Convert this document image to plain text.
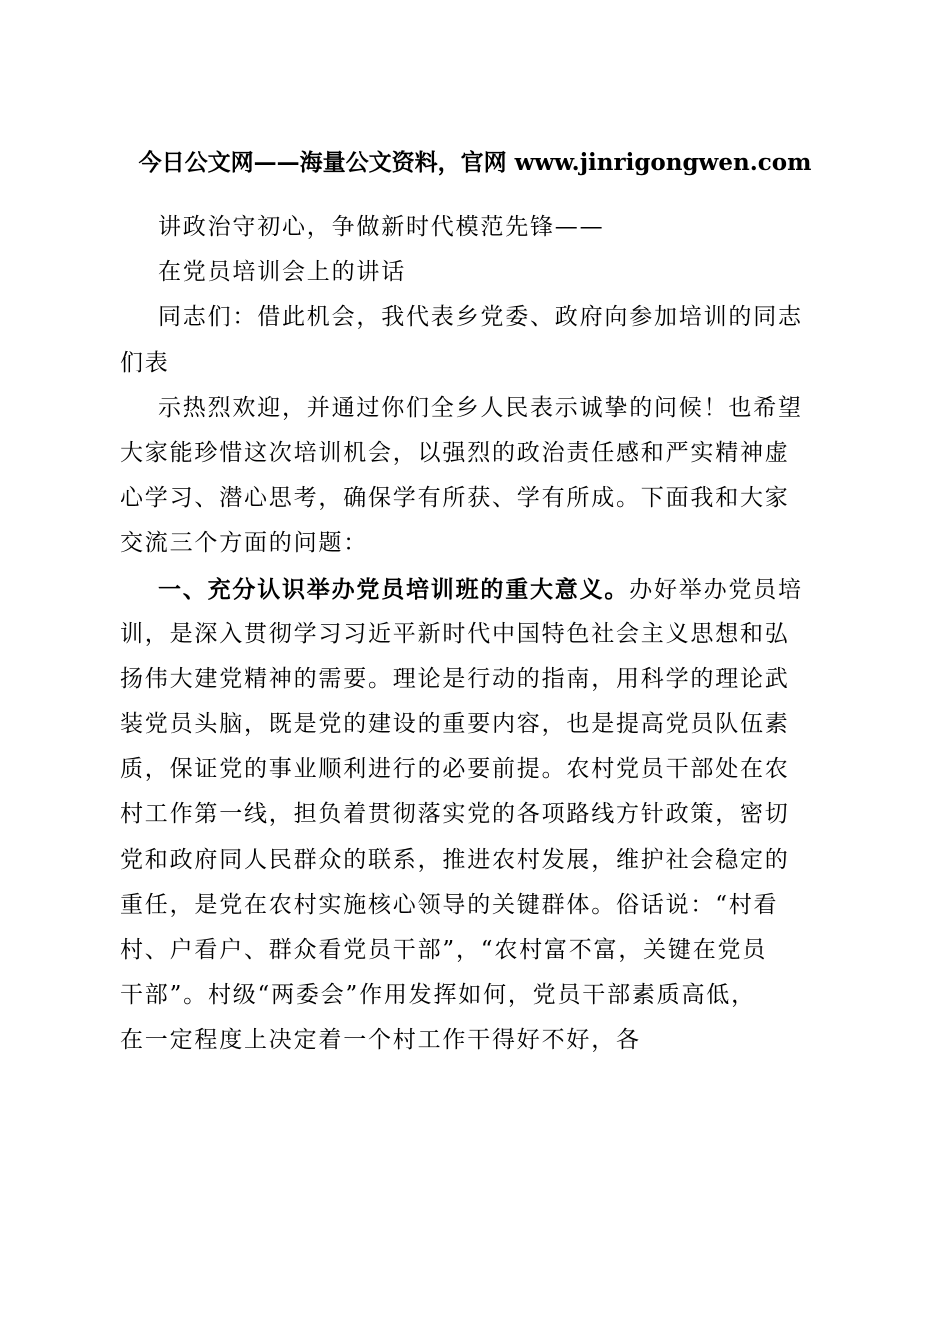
今日公文网——海量公文资料，官网 www.jinrigongwen.com
讲政治守初心，争做新时代模范先锋——
在党员培训会上的讲话
同志们：借此机会，我代表乡党委、政府向参加培训的同志
们表
示热烈欢迎，并通过你们全乡人民表示诚挚的问候！也希望
大家能珍惜这次培训机会，以强烈的政治责任感和严实精神虚
心学习、潜心思考，确保学有所获、学有所成。下面我和大家
交流三个方面的问题：
一、充分认识举办党员培训班的重大意义。办好举办党员培
训，是深入贯彻学习习近平新时代中国特色社会主义思想和弘
扬伟大建党精神的需要。理论是行动的指南，用科学的理论武
装党员头脑，既是党的建设的重要内容，也是提高党员队伍素
质，保证党的事业顺利进行的必要前提。农村党员干部处在农
村工作第一线，担负着贯彻落实党的各项路线方针政策，密切
党和政府同人民群众的联系，推进农村发展，维护社会稳定的
重任，是党在农村实施核心领导的关键群体。俗话说：“村看
村、户看户、群众看党员干部”，“农村富不富，关键在党员
干部”。村级“两委会”作用发挥如何，党员干部素质高低，
在一定程度上决定着一个村工作干得好不好，各
